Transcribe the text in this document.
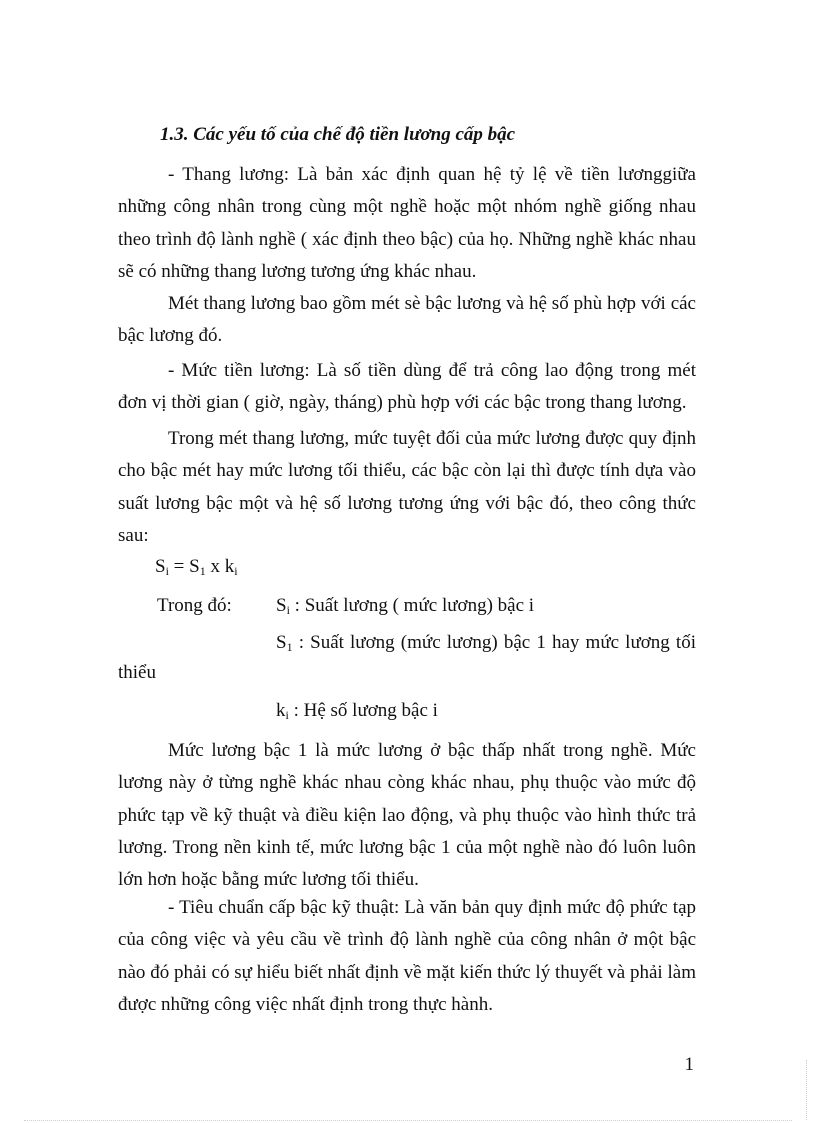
1.3. Các yếu tố của chế độ tiền lương cấp bậc
- Thang lương: Là bản xác định quan hệ tỷ lệ về tiền lươnggiữa những công nhân trong cùng một nghề hoặc một nhóm nghề giống nhau theo trình độ lành nghề ( xác định theo bậc) của họ. Những nghề khác nhau sẽ có những thang lương tương ứng khác nhau.
Mét thang lương bao gồm mét sè bậc lương và hệ số phù hợp với các bậc lương đó.
- Mức tiền lương: Là số tiền dùng để trả công lao động trong mét đơn vị thời gian ( giờ, ngày, tháng) phù hợp với các bậc trong thang lương.
Trong mét thang lương, mức tuyệt đối của mức lương được quy định cho bậc mét hay mức lương tối thiểu, các bậc còn lại thì được tính dựa vào suất lương bậc một và hệ số lương tương ứng với bậc đó, theo công thức sau:
$S_i = S_1$ x $k_i$
Trong đó: $S_i$ : Suất lương ( mức lương) bậc i
$S_1$ : Suất lương (mức lương) bậc 1 hay mức lương tối
thiểu
$k_i$ : Hệ số lương bậc i
Mức lương bậc 1 là mức lương ở bậc thấp nhất trong nghề. Mức lương này ở từng nghề khác nhau còng khác nhau, phụ thuộc vào mức độ phức tạp về kỹ thuật và điều kiện lao động, và phụ thuộc vào hình thức trả lương. Trong nền kinh tế, mức lương bậc 1 của một nghề nào đó luôn luôn lớn hơn hoặc bằng mức lương tối thiểu.
- Tiêu chuẩn cấp bậc kỹ thuật: Là văn bản quy định mức độ phức tạp của công việc và yêu cầu về trình độ lành nghề của công nhân ở một bậc nào đó phải có sự hiểu biết nhất định về mặt kiến thức lý thuyết và phải làm được những công việc nhất định trong thực hành.
1
